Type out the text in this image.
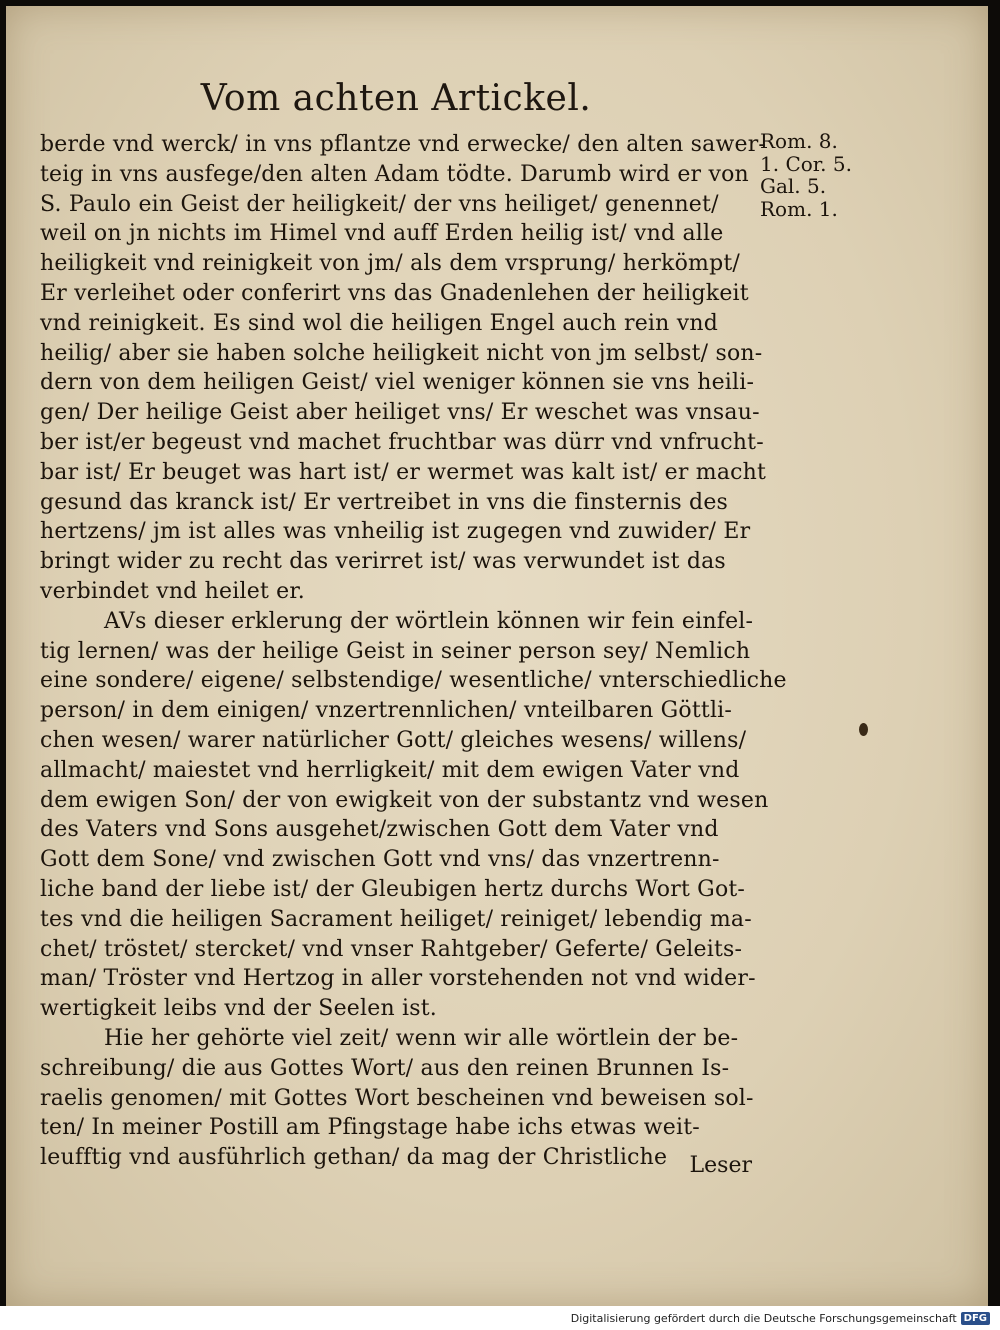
Vom achten Artickel.
berde vnd werck/ in vns pflantze vnd erwecke/ den alten sawer-
teig in vns ausfege/den alten Adam tödte. Darumb wird er von
S. Paulo ein Geist der heiligkeit/ der vns heiliget/ genennet/
weil on jn nichts im Himel vnd auff Erden heilig ist/ vnd alle
heiligkeit vnd reinigkeit von jm/ als dem vrsprung/ herkömpt/
Er verleihet oder conferirt vns das Gnadenlehen der heiligkeit
vnd reinigkeit. Es sind wol die heiligen Engel auch rein vnd
heilig/ aber sie haben solche heiligkeit nicht von jm selbst/ son-
dern von dem heiligen Geist/ viel weniger können sie vns heili-
gen/ Der heilige Geist aber heiliget vns/ Er weschet was vnsau-
ber ist/er begeust vnd machet fruchtbar was dürr vnd vnfrucht-
bar ist/ Er beuget was hart ist/ er wermet was kalt ist/ er macht
gesund das kranck ist/ Er vertreibet in vns die finsternis des
hertzens/ jm ist alles was vnheilig ist zugegen vnd zuwider/ Er
bringt wider zu recht das verirret ist/ was verwundet ist das
verbindet vnd heilet er.
AVs dieser erklerung der wörtlein können wir fein einfel-
tig lernen/ was der heilige Geist in seiner person sey/ Nemlich
eine sondere/ eigene/ selbstendige/ wesentliche/ vnterschiedliche
person/ in dem einigen/ vnzertrennlichen/ vnteilbaren Göttli-
chen wesen/ warer natürlicher Gott/ gleiches wesens/ willens/
allmacht/ maiestet vnd herrligkeit/ mit dem ewigen Vater vnd
dem ewigen Son/ der von ewigkeit von der substantz vnd wesen
des Vaters vnd Sons ausgehet/zwischen Gott dem Vater vnd
Gott dem Sone/ vnd zwischen Gott vnd vns/ das vnzertrenn-
liche band der liebe ist/ der Gleubigen hertz durchs Wort Got-
tes vnd die heiligen Sacrament heiliget/ reiniget/ lebendig ma-
chet/ tröstet/ stercket/ vnd vnser Rahtgeber/ Geferte/ Geleits-
man/ Tröster vnd Hertzog in aller vorstehenden not vnd wider-
wertigkeit leibs vnd der Seelen ist.
Hie her gehörte viel zeit/ wenn wir alle wörtlein der be-
schreibung/ die aus Gottes Wort/ aus den reinen Brunnen Is-
raelis genomen/ mit Gottes Wort bescheinen vnd beweisen sol-
ten/ In meiner Postill am Pfingstage habe ichs etwas weit-
leufftig vnd ausführlich gethan/ da mag der Christliche
Rom. 8.
1. Cor. 5.
Gal. 5.
Rom. 1.
Leser
Digitalisierung gefördert durch die Deutsche Forschungsgemeinschaft DFG
